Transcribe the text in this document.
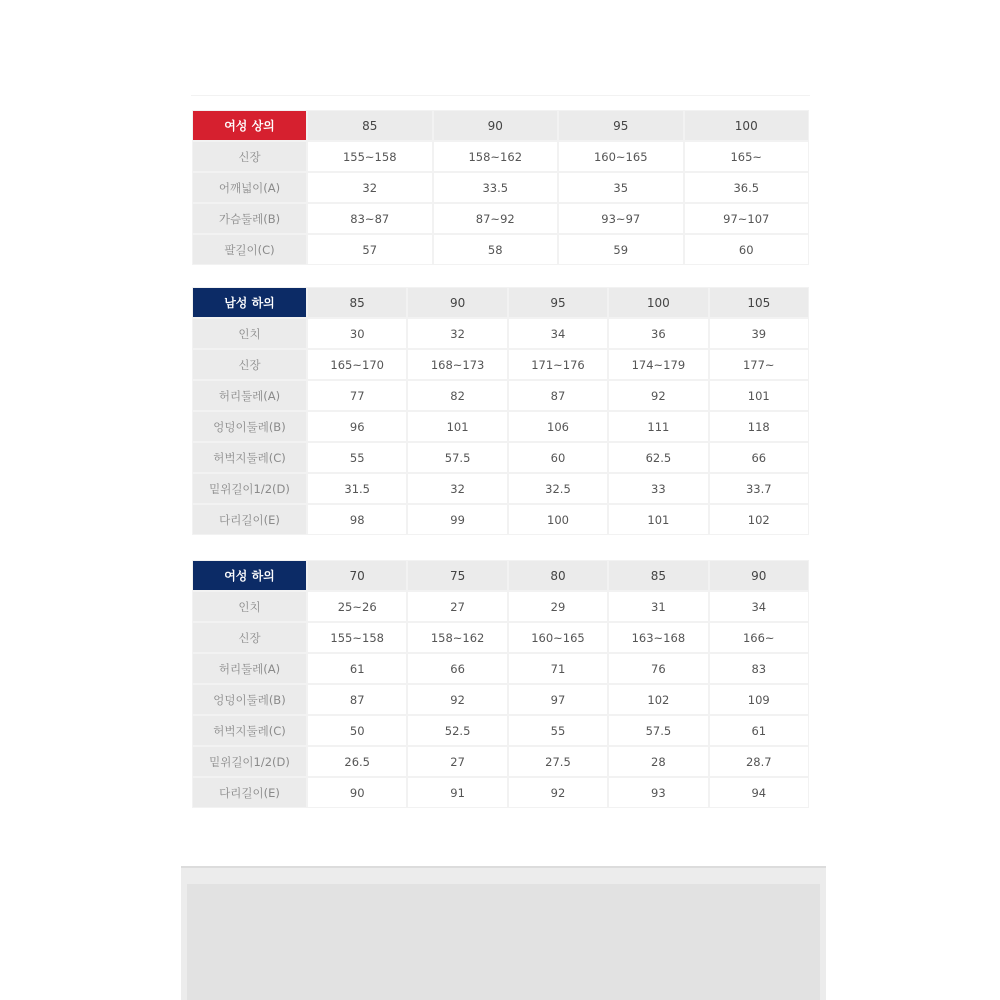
여성 상의	85	90	95	100
신장	155~158	158~162	160~165	165~
어깨넓이(A)	32	33.5	35	36.5
가슴둘레(B)	83~87	87~92	93~97	97~107
팔길이(C)	57	58	59	60
남성 하의	85	90	95	100	105
인치	30	32	34	36	39
신장	165~170	168~173	171~176	174~179	177~
허리둘레(A)	77	82	87	92	101
엉덩이둘레(B)	96	101	106	111	118
허벅지둘레(C)	55	57.5	60	62.5	66
밑위길이1/2(D)	31.5	32	32.5	33	33.7
다리길이(E)	98	99	100	101	102
여성 하의	70	75	80	85	90
인치	25~26	27	29	31	34
신장	155~158	158~162	160~165	163~168	166~
허리둘레(A)	61	66	71	76	83
엉덩이둘레(B)	87	92	97	102	109
허벅지둘레(C)	50	52.5	55	57.5	61
밑위길이1/2(D)	26.5	27	27.5	28	28.7
다리길이(E)	90	91	92	93	94
